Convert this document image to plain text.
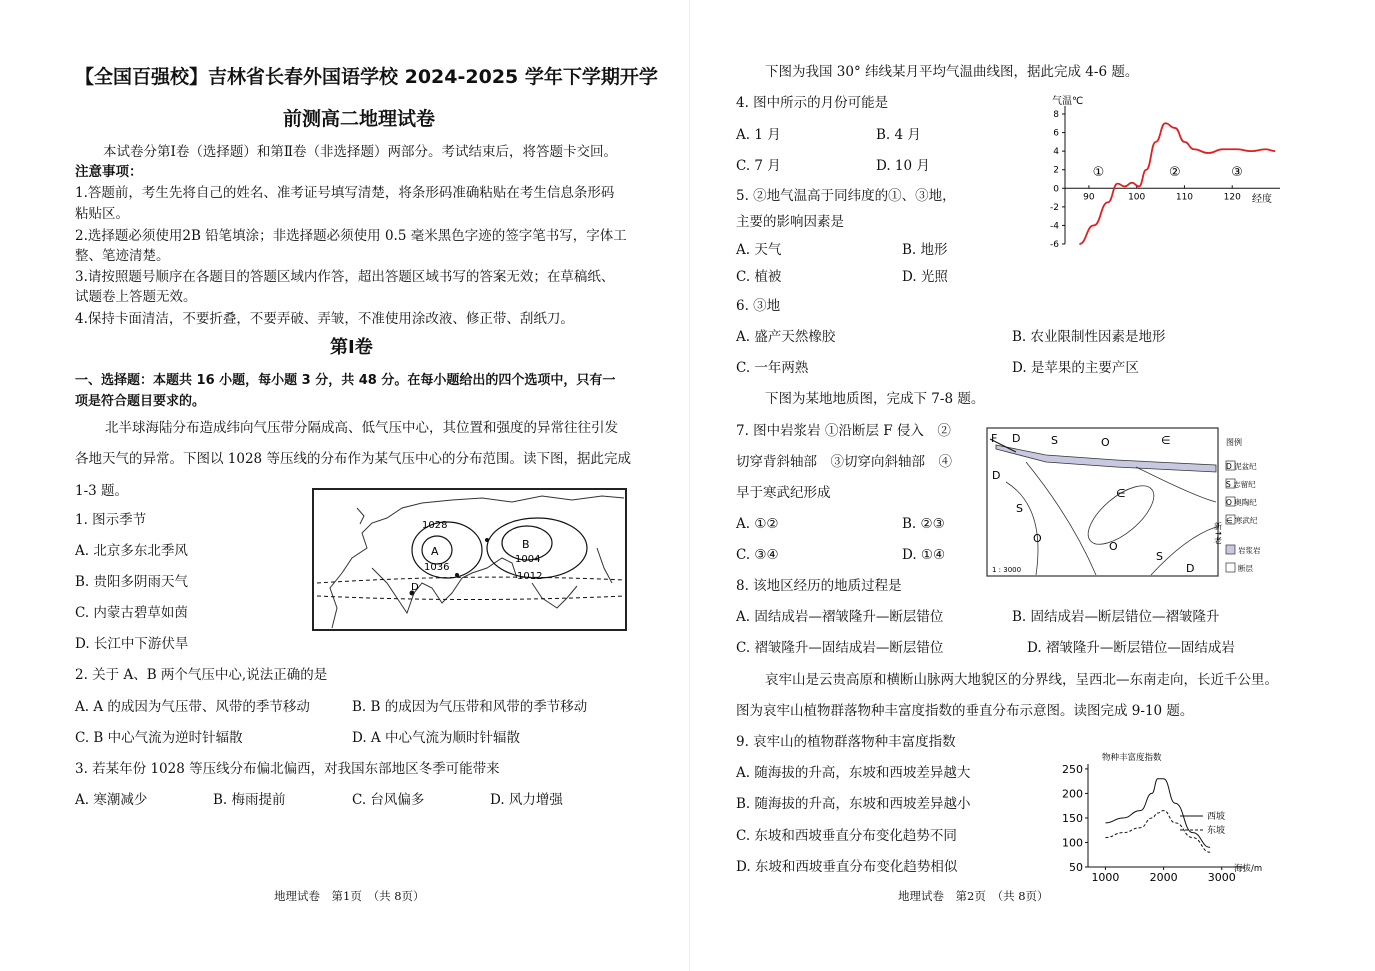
【全国百强校】吉林省长春外国语学校 2024-2025 学年下学期开学
前测高二地理试卷
本试卷分第Ⅰ卷（选择题）和第Ⅱ卷（非选择题）两部分。考试结束后，将答题卡交回。
注意事项：
1.答题前，考生先将自己的姓名、准考证号填写清楚，将条形码准确粘贴在考生信息条形码
粘贴区。
2.选择题必须使用2B 铅笔填涂；非选择题必须使用 0.5 毫米黑色字迹的签字笔书写，字体工
整、笔迹清楚。
3.请按照题号顺序在各题目的答题区域内作答，超出答题区域书写的答案无效；在草稿纸、
试题卷上答题无效。
4.保持卡面清洁，不要折叠，不要弄破、弄皱，不准使用涂改液、修正带、刮纸刀。
第Ⅰ卷
一、选择题：本题共 16 小题，每小题 3 分，共 48 分。在每小题给出的四个选项中，只有一
项是符合题目要求的。
北半球海陆分布造成纬向气压带分隔成高、低气压中心，其位置和强度的异常往往引发
各地天气的异常。下图以 1028 等压线的分布作为某气压中心的分布范围。读下图，据此完成
1-3 题。
1. 图示季节
A. 北京多东北季风
B. 贵阳多阴雨天气
C. 内蒙古碧草如茵
D. 长江中下游伏旱
1028
A
1036
B
1004
1012
D
2. 关于 A、B 两个气压中心,说法正确的是
A. A 的成因为气压带、风带的季节移动	B. B 的成因为气压带和风带的季节移动
C. B 中心气流为逆时针辐散	D. A 中心气流为顺时针辐散
3. 若某年份 1028 等压线分布偏北偏西，对我国东部地区冬季可能带来
A. 寒潮减少	B. 梅雨提前	C. 台风偏多	D. 风力增强
地理试卷　第1页　（共 8页）
下图为我国 30° 纬线某月平均气温曲线图，据此完成 4-6 题。
4. 图中所示的月份可能是
A. 1 月	B. 4 月
C. 7 月	D. 10 月
5. ②地气温高于同纬度的①、③地，
主要的影响因素是
A. 天气	B. 地形
C. 植被	D. 光照
6. ③地
A. 盛产天然橡胶	B. 农业限制性因素是地形
C. 一年两熟	D. 是苹果的主要产区
气温℃
经度
-6
-4
-2
0
2
4
6
8
90	100	110	120
①	②	③
下图为某地地质图，完成下 7-8 题。
7. 图中岩浆岩 ①沿断层 F 侵入　②
切穿背斜轴部　③切穿向斜轴部　④
早于寒武纪形成
A. ①②	B. ②③
C. ③④	D. ①④
F D	S	O	∈
D
S
∈
O
O
S
D
1 : 3000
图例
新↑老
D 泥盆纪
S 志留纪
O 奥陶纪
∈ 寒武纪
岩浆岩
断层
8. 该地区经历的地质过程是
A. 固结成岩—褶皱隆升—断层错位	B. 固结成岩—断层错位—褶皱隆升
C. 褶皱隆升—固结成岩—断层错位	D. 褶皱隆升—断层错位—固结成岩
哀牢山是云贵高原和横断山脉两大地貌区的分界线，呈西北—东南走向，长近千公里。
图为哀牢山植物群落物种丰富度指数的垂直分布示意图。读图完成 9-10 题。
9. 哀牢山的植物群落物种丰富度指数
A. 随海拔的升高，东坡和西坡差异越大
B. 随海拔的升高，东坡和西坡差异越小
C. 东坡和西坡垂直分布变化趋势不同
D. 东坡和西坡垂直分布变化趋势相似
物种丰富度指数
海拔/m
50
100
150
200
250
1000	2000	3000
西坡
东坡
地理试卷　第2页　（共 8页）
